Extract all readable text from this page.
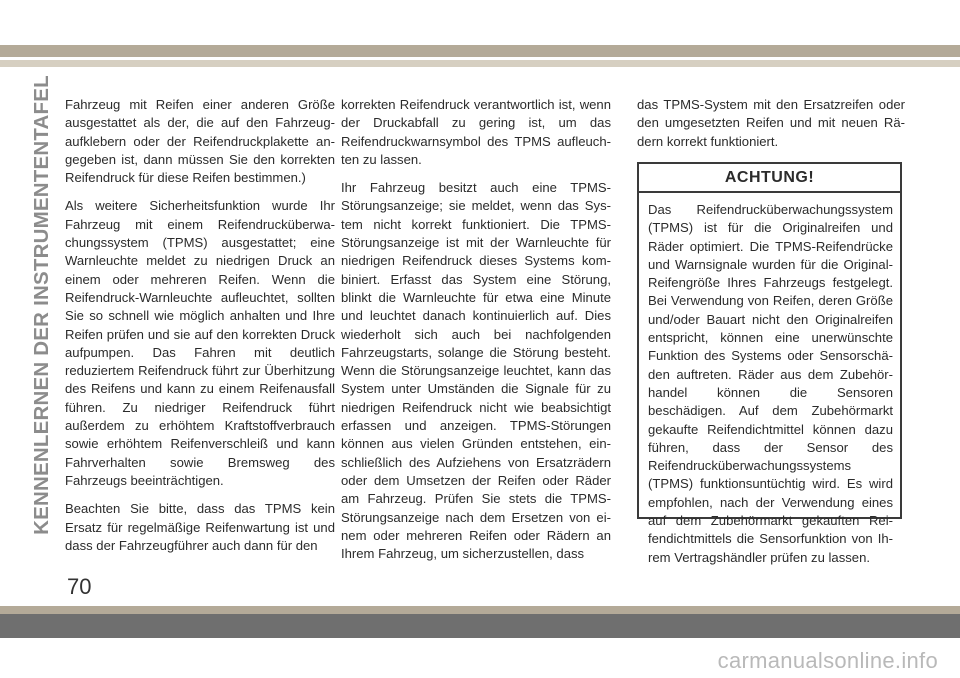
KENNENLERNEN DER INSTRUMENTENTAFEL Fahrzeug mit Reifen einer anderen Größe ausgestattet als der, die auf den Fahrzeugaufklebern oder der Reifendruckplakette angegeben ist, dann müssen Sie den korrekten Reifendruck für diese Reifen bestimmen.)

Als weitere Sicherheitsfunktion wurde Ihr Fahrzeug mit einem Reifendrucküberwachungssystem (TPMS) ausgestattet; eine Warnleuchte meldet zu niedrigen Druck an einem oder mehreren Reifen. Wenn die Reifendruck-Warnleuchte aufleuchtet, sollten Sie so schnell wie möglich anhalten und Ihre Reifen prüfen und sie auf den korrekten Druck aufpumpen. Das Fahren mit deutlich reduziertem Reifendruck führt zur Überhitzung des Reifens und kann zu einem Reifenausfall führen. Zu niedriger Reifendruck führt außerdem zu erhöhtem Kraftstoffverbrauch sowie erhöhtem Reifenverschleiß und kann Fahrverhalten sowie Bremsweg des Fahrzeugs beeinträchtigen.

Beachten Sie bitte, dass das TPMS kein Ersatz für regelmäßige Reifenwartung ist und dass der Fahrzeugführer auch dann für den

korrekten Reifendruck verantwortlich ist, wenn der Druckabfall zu gering ist, um das Reifendruckwarnsymbol des TPMS aufleuchten zu lassen.

Ihr Fahrzeug besitzt auch eine TPMS-Störungsanzeige; sie meldet, wenn das System nicht korrekt funktioniert. Die TPMS-Störungsanzeige ist mit der Warnleuchte für niedrigen Reifendruck dieses Systems kombiniert. Erfasst das System eine Störung, blinkt die Warnleuchte für etwa eine Minute und leuchtet danach kontinuierlich auf. Dies wiederholt sich auch bei nachfolgenden Fahrzeugstarts, solange die Störung besteht. Wenn die Störungsanzeige leuchtet, kann das System unter Umständen die Signale für zu niedrigen Reifendruck nicht wie beabsichtigt erfassen und anzeigen. TPMS-Störungen können aus vielen Gründen entstehen, einschließlich des Aufziehens von Ersatzrädern oder dem Umsetzen der Reifen oder Räder am Fahrzeug. Prüfen Sie stets die TPMS-Störungsanzeige nach dem Ersetzen von einem oder mehreren Reifen oder Rädern an Ihrem Fahrzeug, um sicherzustellen, dass

das TPMS-System mit den Ersatzreifen oder den umgesetzten Reifen und mit neuen Rädern korrekt funktioniert.

ACHTUNG!
Das Reifendrucküberwachungssystem (TPMS) ist für die Originalreifen und Räder optimiert. Die TPMS-Reifendrücke und Warnsignale wurden für die Original-Reifengröße Ihres Fahrzeugs festgelegt. Bei Verwendung von Reifen, deren Größe und/oder Bauart nicht den Originalreifen entspricht, können eine unerwünschte Funktion des Systems oder Sensorschäden auftreten. Räder aus dem Zubehörhandel können die Sensoren beschädigen. Auf dem Zubehörmarkt gekaufte Reifendichtmittel können dazu führen, dass der Sensor des Reifendrucküberwachungssystems (TPMS) funktionsuntüchtig wird. Es wird empfohlen, nach der Verwendung eines auf dem Zubehörmarkt gekauften Reifendichtmittels die Sensorfunktion von Ihrem Vertragshändler prüfen zu lassen.
70
carmanualsonline.info
